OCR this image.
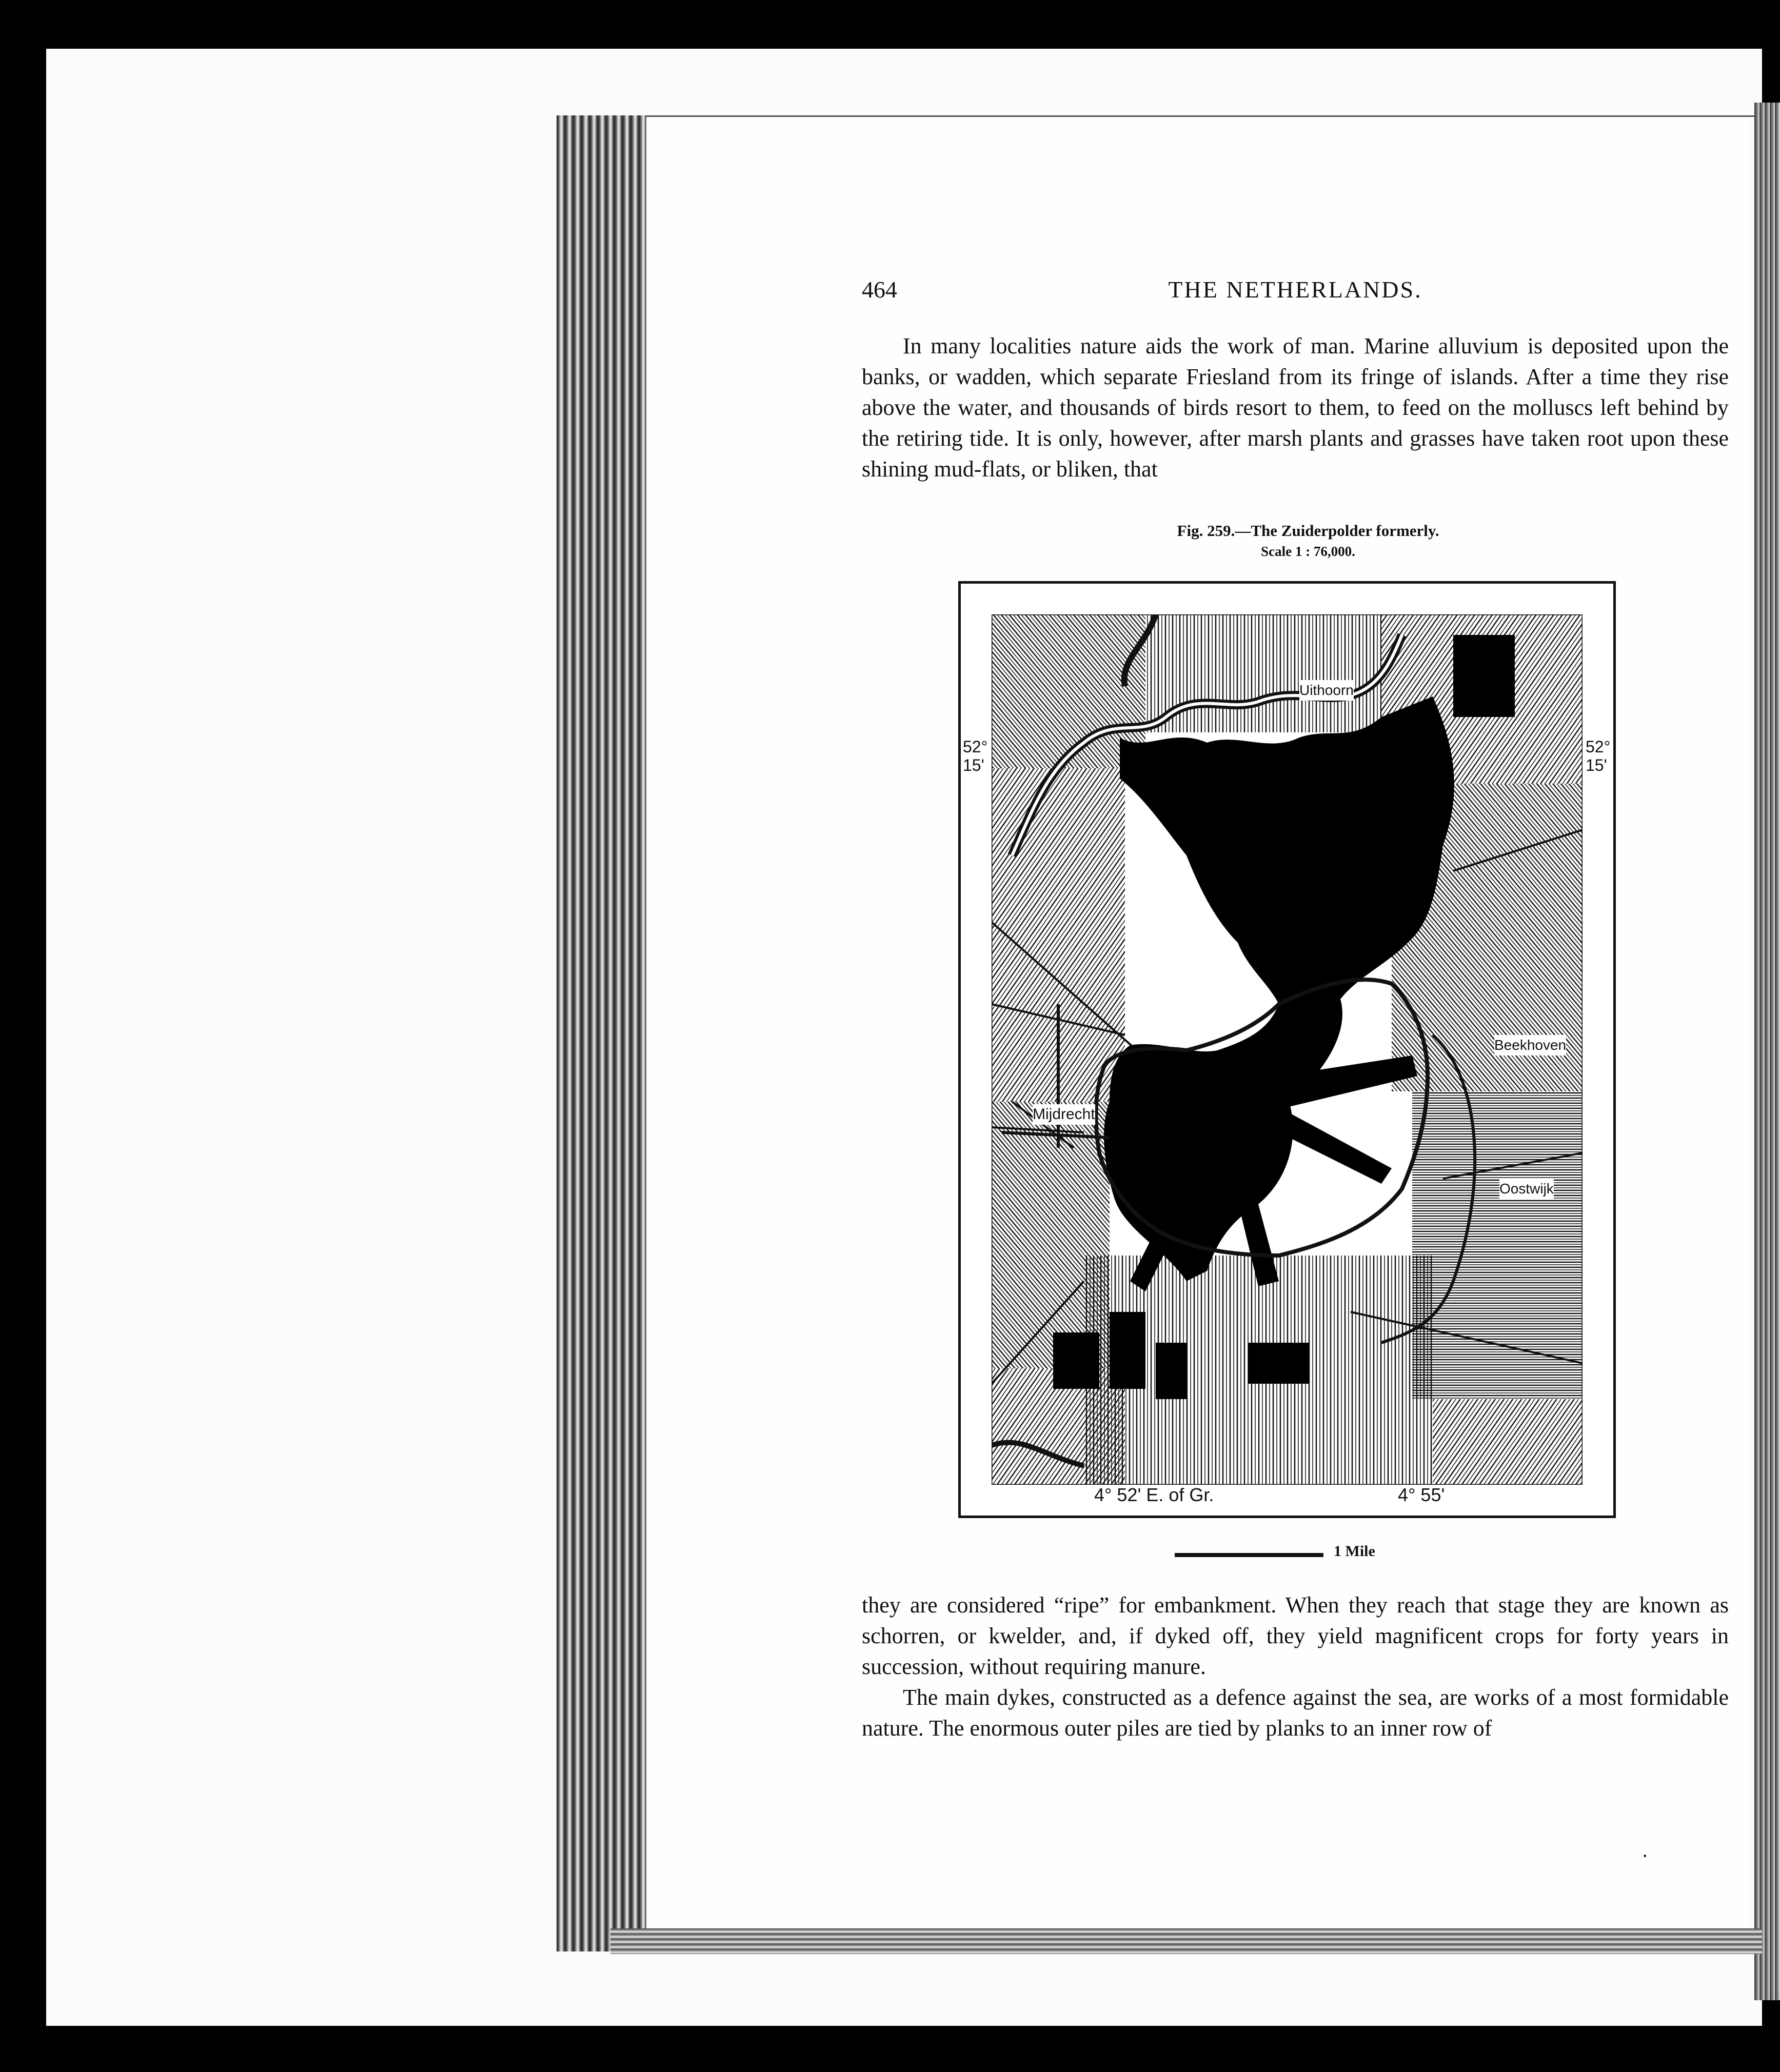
464	THE NETHERLANDS.
In many localities nature aids the work of man. Marine alluvium is deposited upon the banks, or wadden, which separate Friesland from its fringe of islands. After a time they rise above the water, and thousands of birds resort to them, to feed on the molluscs left behind by the retiring tide. It is only, however, after marsh plants and grasses have taken root upon these shining mud-flats, or bliken, that
Fig. 259.—The Zuiderpolder formerly.
Scale 1 : 76,000.
Uithoorn
Beekhoven
Mijdrecht
Oostwijk
52° 15'
52° 15'
4° 52' E. of Gr.	4° 55'
1 Mile
they are considered “ripe” for embankment. When they reach that stage they are known as schorren, or kwelder, and, if dyked off, they yield magnificent crops for forty years in succession, without requiring manure.
The main dykes, constructed as a defence against the sea, are works of a most formidable nature. The enormous outer piles are tied by planks to an inner row of
·
